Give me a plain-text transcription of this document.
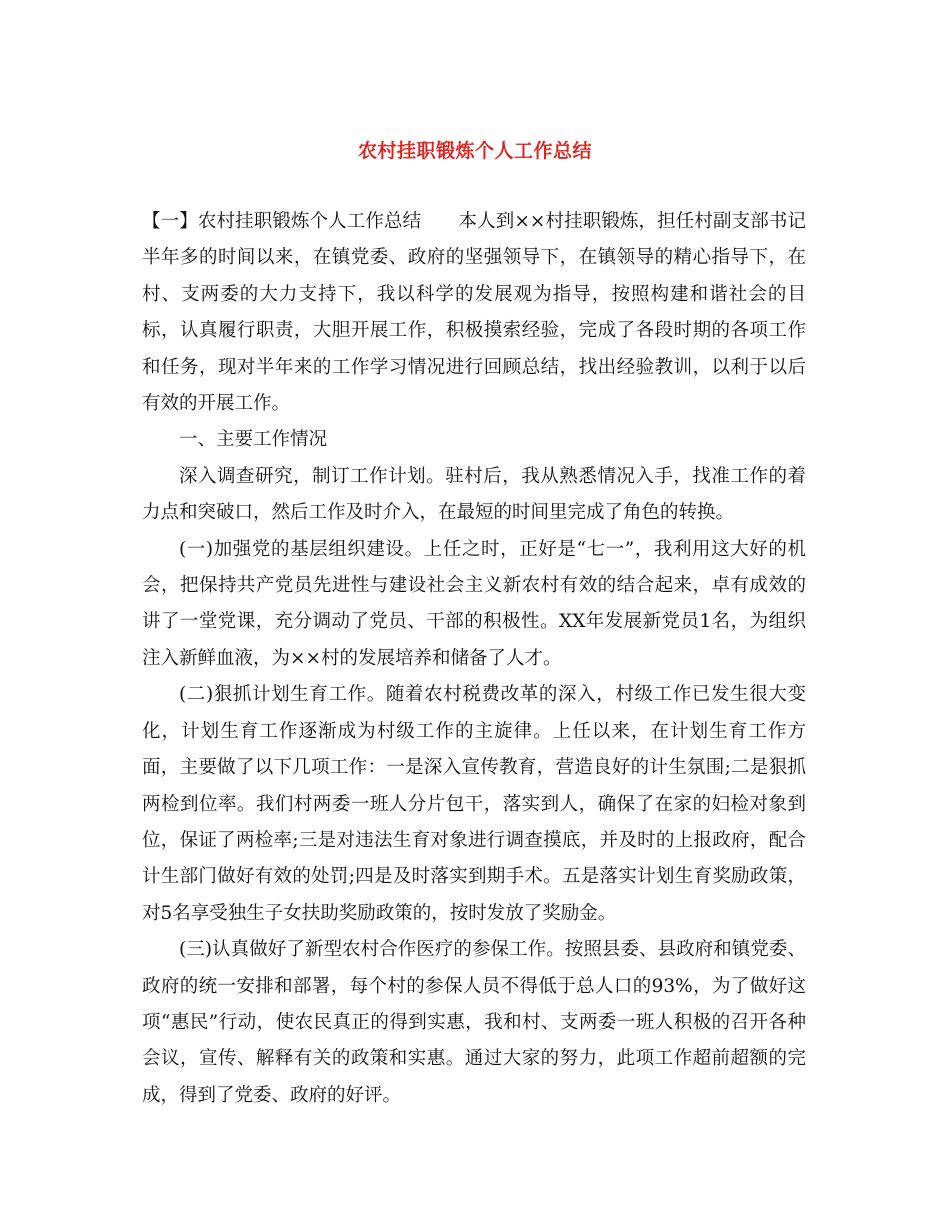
农村挂职锻炼个人工作总结

【一】农村挂职锻炼个人工作总结　　本人到××村挂职锻炼，担任村副支部书记半年多的时间以来，在镇党委、政府的坚强领导下，在镇领导的精心指导下，在村、支两委的大力支持下，我以科学的发展观为指导，按照构建和谐社会的目标，认真履行职责，大胆开展工作，积极摸索经验，完成了各段时期的各项工作和任务，现对半年来的工作学习情况进行回顾总结，找出经验教训，以利于以后有效的开展工作。

一、主要工作情况

深入调查研究，制订工作计划。驻村后，我从熟悉情况入手，找准工作的着力点和突破口，然后工作及时介入，在最短的时间里完成了角色的转换。

(一)加强党的基层组织建设。上任之时，正好是“七一”，我利用这大好的机会，把保持共产党员先进性与建设社会主义新农村有效的结合起来，卓有成效的讲了一堂党课，充分调动了党员、干部的积极性。XX年发展新党员1名，为组织注入新鲜血液，为××村的发展培养和储备了人才。

(二)狠抓计划生育工作。随着农村税费改革的深入，村级工作已发生很大变化，计划生育工作逐渐成为村级工作的主旋律。上任以来，在计划生育工作方面，主要做了以下几项工作：一是深入宣传教育，营造良好的计生氛围;二是狠抓两检到位率。我们村两委一班人分片包干，落实到人，确保了在家的妇检对象到位，保证了两检率;三是对违法生育对象进行调查摸底，并及时的上报政府，配合计生部门做好有效的处罚;四是及时落实到期手术。五是落实计划生育奖励政策，对5名享受独生子女扶助奖励政策的，按时发放了奖励金。

(三)认真做好了新型农村合作医疗的参保工作。按照县委、县政府和镇党委、政府的统一安排和部署，每个村的参保人员不得低于总人口的93%，为了做好这项“惠民”行动，使农民真正的得到实惠，我和村、支两委一班人积极的召开各种会议，宣传、解释有关的政策和实惠。通过大家的努力，此项工作超前超额的完成，得到了党委、政府的好评。
